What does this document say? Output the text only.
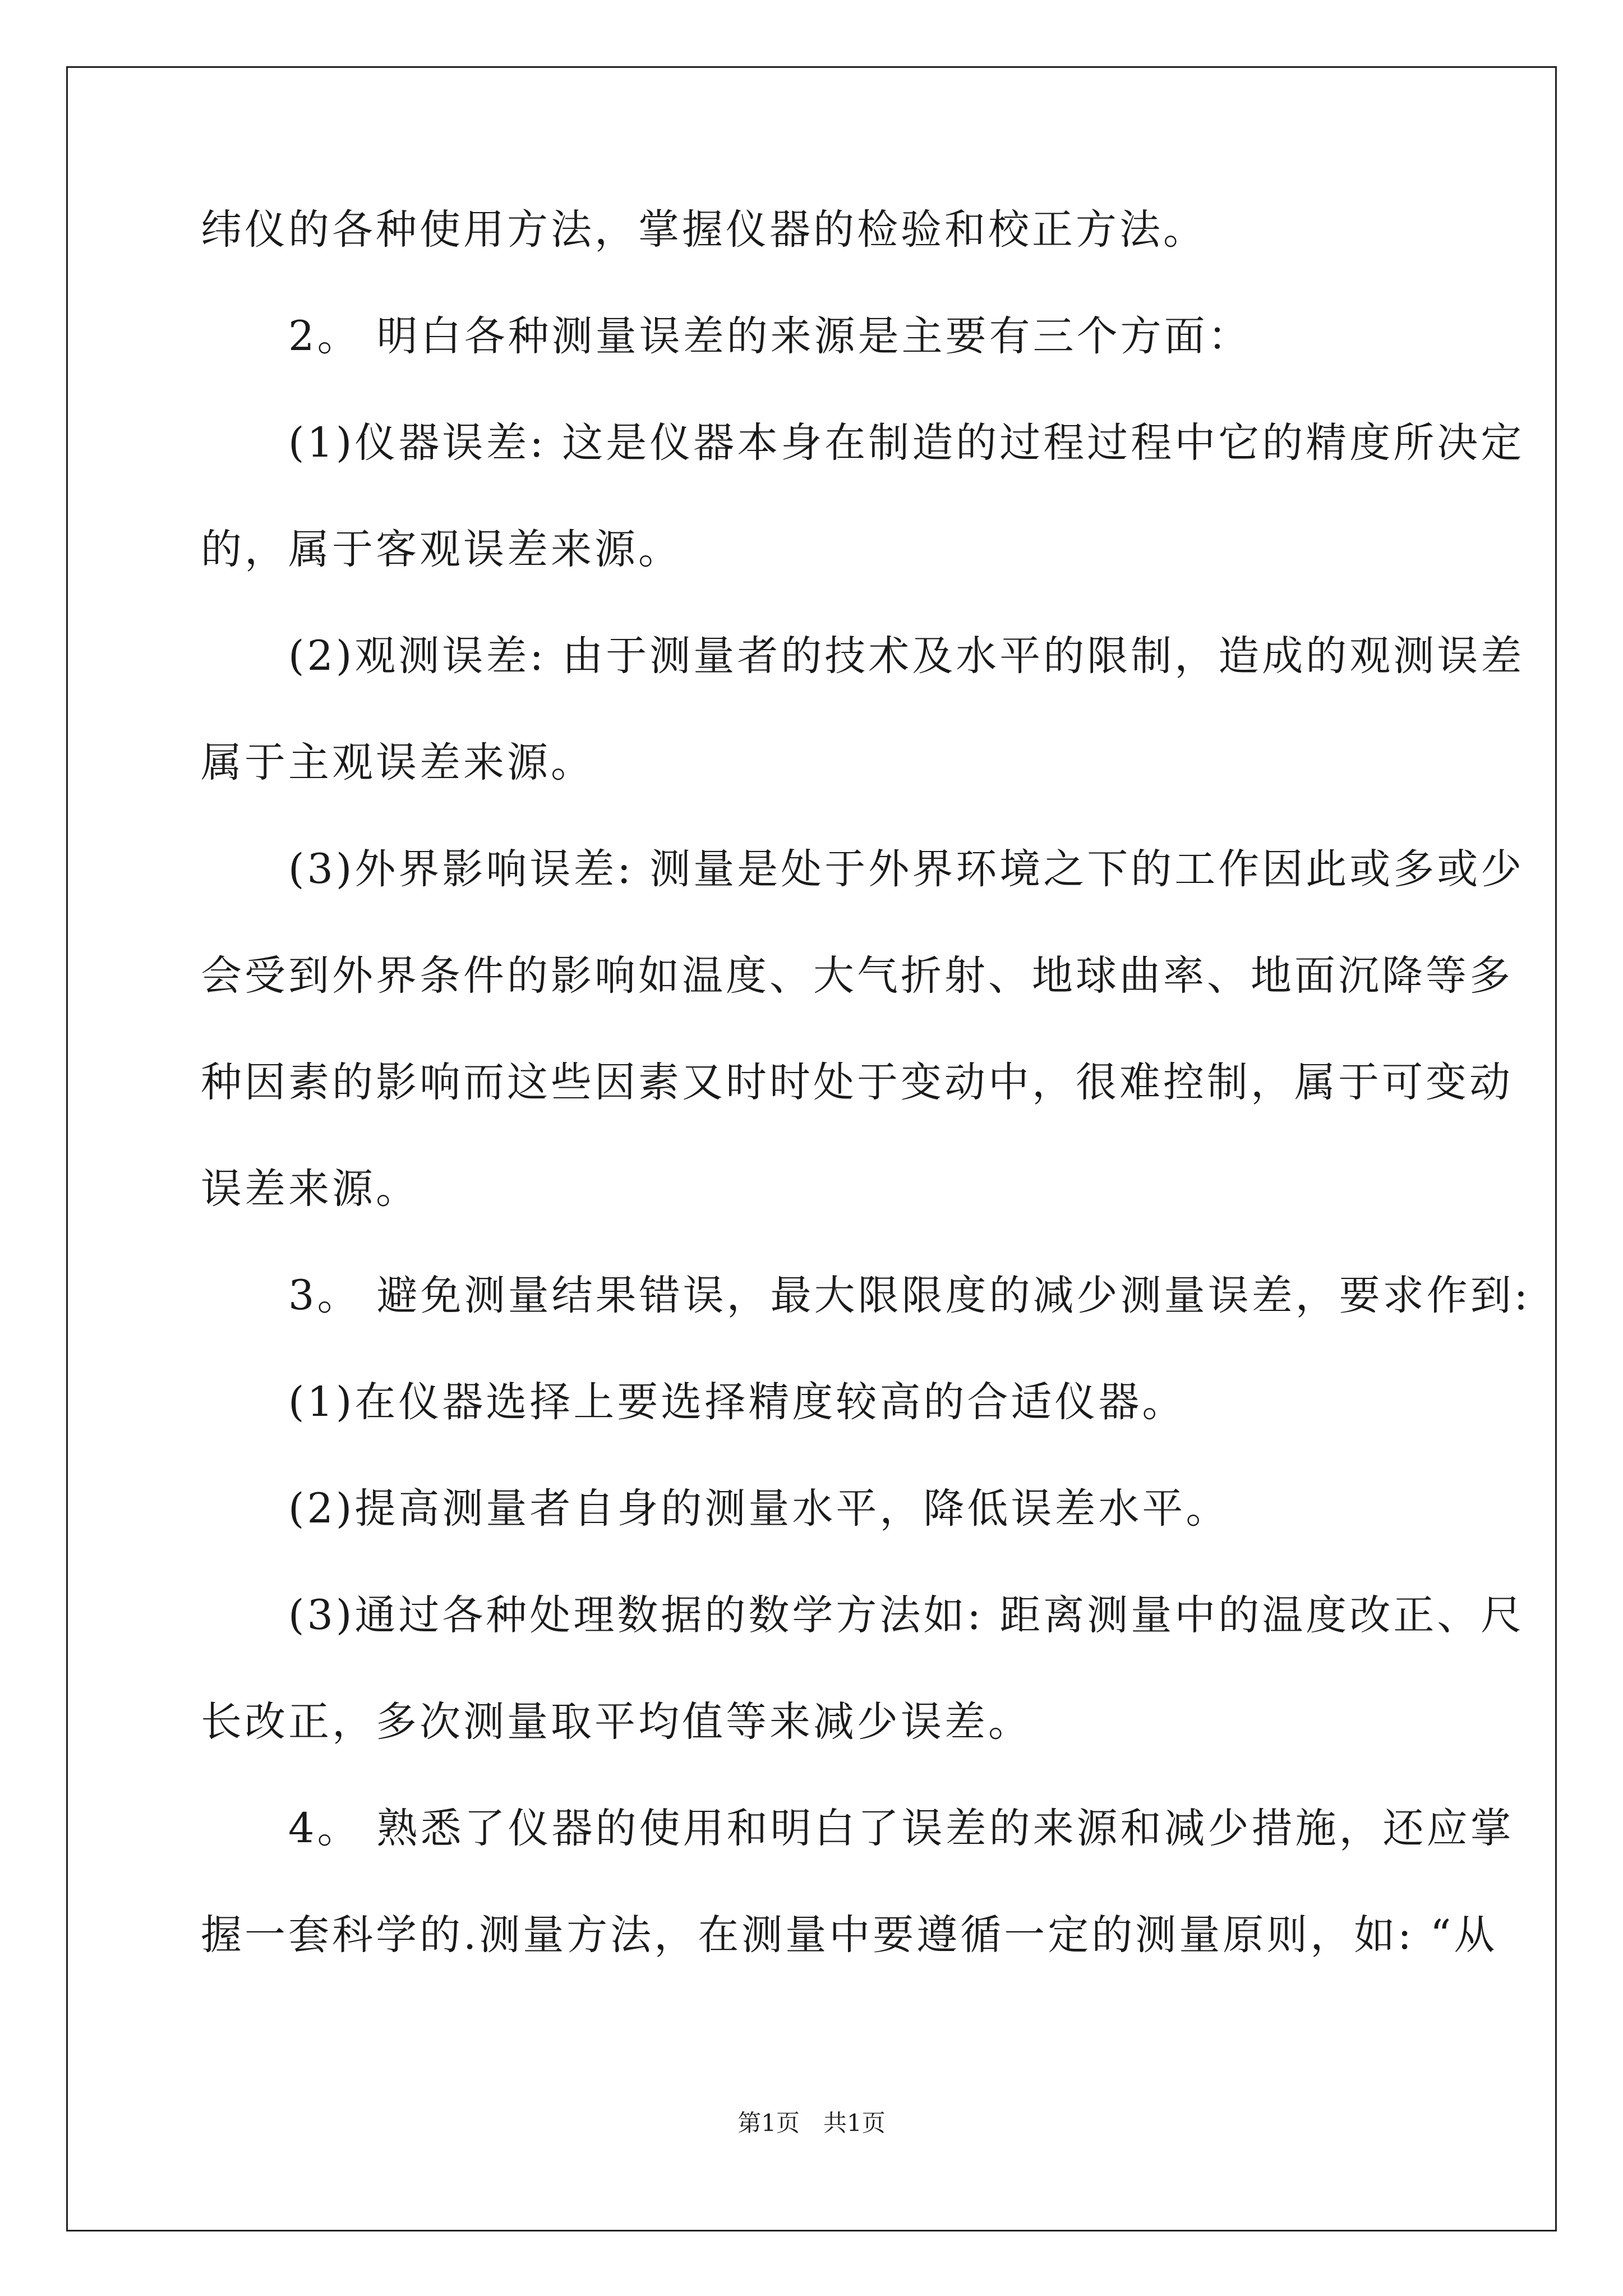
纬仪的各种使用方法，掌握仪器的检验和校正方法。
　　2。 明白各种测量误差的来源是主要有三个方面：
　　(1)仪器误差: 这是仪器本身在制造的过程过程中它的精度所决定
的，属于客观误差来源。
　　(2)观测误差: 由于测量者的技术及水平的限制，造成的观测误差
属于主观误差来源。
　　(3)外界影响误差: 测量是处于外界环境之下的工作因此或多或少
会受到外界条件的影响如温度、大气折射、地球曲率、地面沉降等多
种因素的影响而这些因素又时时处于变动中，很难控制，属于可变动
误差来源。
　　3。 避免测量结果错误，最大限限度的减少测量误差，要求作到:
　　(1)在仪器选择上要选择精度较高的合适仪器。
　　(2)提高测量者自身的测量水平，降低误差水平。
　　(3)通过各种处理数据的数学方法如: 距离测量中的温度改正、尺
长改正，多次测量取平均值等来减少误差。
　　4。 熟悉了仪器的使用和明白了误差的来源和减少措施，还应掌
握一套科学的.测量方法，在测量中要遵循一定的测量原则，如: “从
第1页　共1页
